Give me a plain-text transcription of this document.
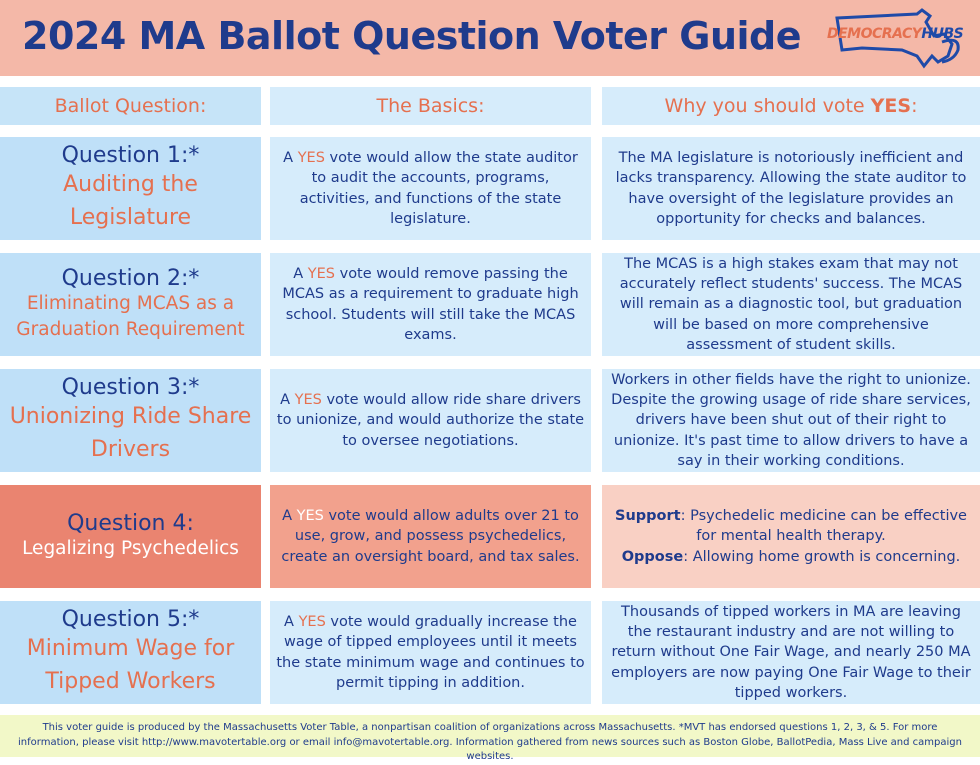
2024 MA Ballot Question Voter Guide DEMOCRACYHUBS
Ballot Question:	The Basics:	Why you should vote YES:
Question 1:*
Auditing the Legislature
A YES vote would allow the state auditor to audit the accounts, programs, activities, and functions of the state legislature.
The MA legislature is notoriously inefficient and lacks transparency. Allowing the state auditor to have oversight of the legislature provides an opportunity for checks and balances.
Question 2:*
Eliminating MCAS as a Graduation Requirement
A YES vote would remove passing the MCAS as a requirement to graduate high school. Students will still take the MCAS exams.
The MCAS is a high stakes exam that may not accurately reflect students' success. The MCAS will remain as a diagnostic tool, but graduation will be based on more comprehensive assessment of student skills.
Question 3:*
Unionizing Ride Share Drivers
A YES vote would allow ride share drivers to unionize, and would authorize the state to oversee negotiations.
Workers in other fields have the right to unionize. Despite the growing usage of ride share services, drivers have been shut out of their right to unionize. It's past time to allow drivers to have a say in their working conditions.
Question 4:
Legalizing Psychedelics
A YES vote would allow adults over 21 to use, grow, and possess psychedelics, create an oversight board, and tax sales.
Support: Psychedelic medicine can be effective for mental health therapy.
Oppose: Allowing home growth is concerning.
Question 5:*
Minimum Wage for Tipped Workers
A YES vote would gradually increase the wage of tipped employees until it meets the state minimum wage and continues to permit tipping in addition.
Thousands of tipped workers in MA are leaving the restaurant industry and are not willing to return without One Fair Wage, and nearly 250 MA employers are now paying One Fair Wage to their tipped workers.
This voter guide is produced by the Massachusetts Voter Table, a nonpartisan coalition of organizations across Massachusetts. *MVT has endorsed questions 1, 2, 3, & 5. For more information, please visit http://www.mavotertable.org or email info@mavotertable.org. Information gathered from news sources such as Boston Globe, BallotPedia, Mass Live and campaign websites.
